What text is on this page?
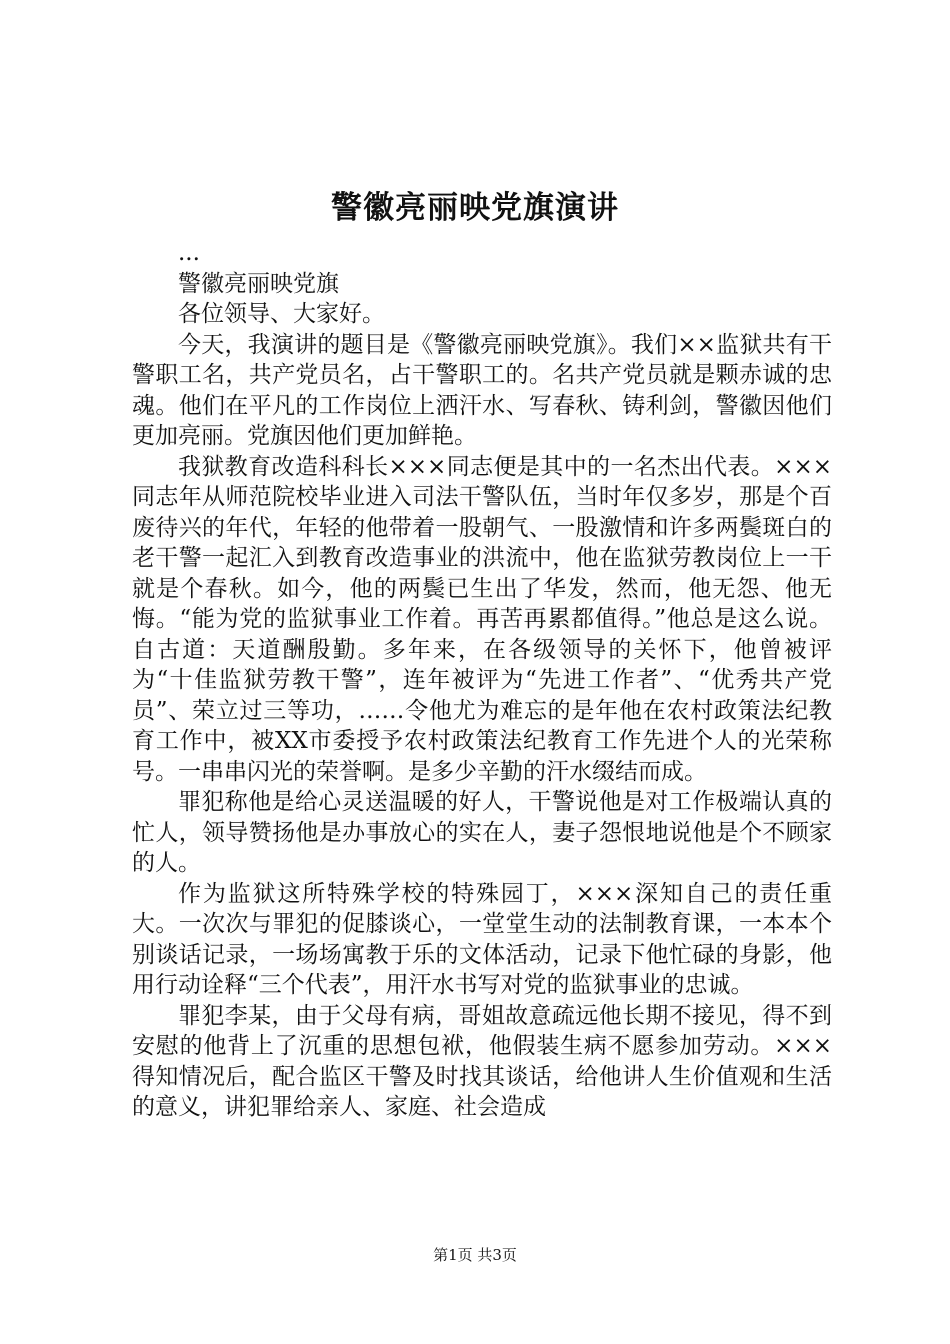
警徽亮丽映党旗演讲

...

警徽亮丽映党旗

各位领导、大家好。

今天，我演讲的题目是《警徽亮丽映党旗》。我们××监狱共有干警职工名，共产党员名，占干警职工的。名共产党员就是颗赤诚的忠魂。他们在平凡的工作岗位上洒汗水、写春秋、铸利剑，警徽因他们更加亮丽。党旗因他们更加鲜艳。

我狱教育改造科科长×××同志便是其中的一名杰出代表。×××同志年从师范院校毕业进入司法干警队伍，当时年仅多岁，那是个百废待兴的年代，年轻的他带着一股朝气、一股激情和许多两鬓斑白的老干警一起汇入到教育改造事业的洪流中，他在监狱劳教岗位上一干就是个春秋。如今，他的两鬓已生出了华发，然而，他无怨、他无悔。“能为党的监狱事业工作着。再苦再累都值得。”他总是这么说。自古道：天道酬殷勤。多年来，在各级领导的关怀下，他曾被评为“十佳监狱劳教干警”，连年被评为“先进工作者”、“优秀共产党员”、荣立过三等功，……令他尤为难忘的是年他在农村政策法纪教育工作中，被XX市委授予农村政策法纪教育工作先进个人的光荣称号。一串串闪光的荣誉啊。是多少辛勤的汗水缀结而成。

罪犯称他是给心灵送温暖的好人，干警说他是对工作极端认真的忙人，领导赞扬他是办事放心的实在人，妻子怨恨地说他是个不顾家的人。

作为监狱这所特殊学校的特殊园丁，×××深知自己的责任重大。一次次与罪犯的促膝谈心，一堂堂生动的法制教育课，一本本个别谈话记录，一场场寓教于乐的文体活动，记录下他忙碌的身影，他用行动诠释“三个代表”，用汗水书写对党的监狱事业的忠诚。

罪犯李某，由于父母有病，哥姐故意疏远他长期不接见，得不到安慰的他背上了沉重的思想包袱，他假装生病不愿参加劳动。×××得知情况后，配合监区干警及时找其谈话，给他讲人生价值观和生活的意义，讲犯罪给亲人、家庭、社会造成

第1页 共3页
